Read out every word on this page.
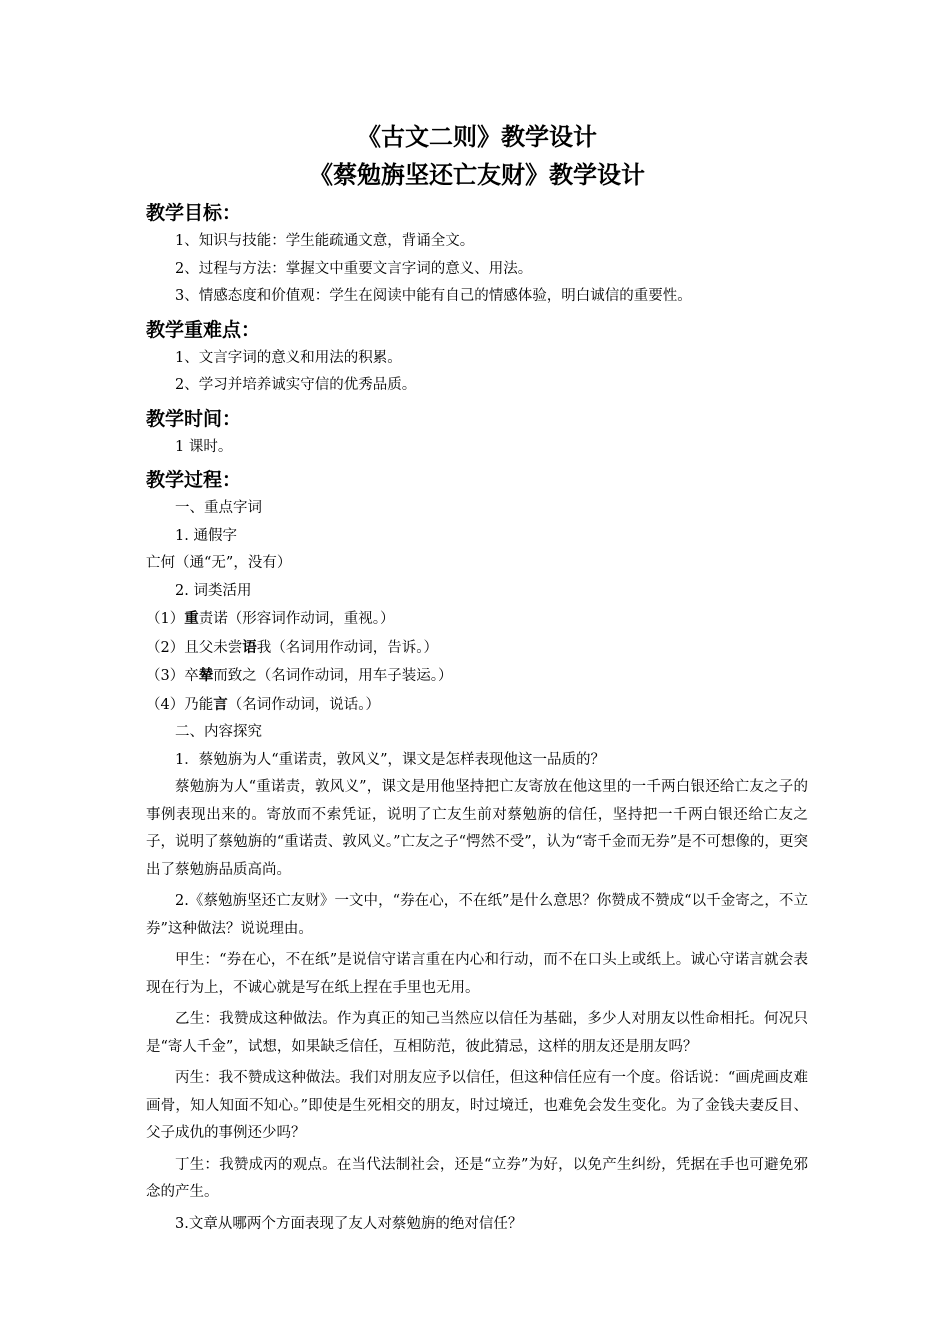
《古文二则》教学设计
《蔡勉旃坚还亡友财》教学设计
教学目标：

1、知识与技能：学生能疏通文意，背诵全文。

2、过程与方法：掌握文中重要文言字词的意义、用法。

3、情感态度和价值观：学生在阅读中能有自己的情感体验，明白诚信的重要性。

教学重难点：

1、文言字词的意义和用法的积累。

2、学习并培养诚实守信的优秀品质。

教学时间：

1 课时。

教学过程：

一、重点字词

1. 通假字

亡何（通“无”，没有）

2. 词类活用

（1）重责诺（形容词作动词，重视。）

（2）且父未尝语我（名词用作动词，告诉。）

（3）卒辇而致之（名词作动词，用车子装运。）

（4）乃能言（名词作动词，说话。）

二、内容探究

1．蔡勉旃为人“重诺责，敦风义”，课文是怎样表现他这一品质的？

蔡勉旃为人“重诺责，敦风义”，课文是用他坚持把亡友寄放在他这里的一千两白银还给亡友之子的事例表现出来的。寄放而不索凭证，说明了亡友生前对蔡勉旃的信任，坚持把一千两白银还给亡友之子，说明了蔡勉旃的“重诺责、敦风义。”亡友之子“愕然不受”，认为“寄千金而无券”是不可想像的，更突出了蔡勉旃品质高尚。

2.《蔡勉旃坚还亡友财》一文中，“券在心，不在纸”是什么意思？你赞成不赞成“以千金寄之，不立券”这种做法？说说理由。

甲生：“券在心，不在纸”是说信守诺言重在内心和行动，而不在口头上或纸上。诚心守诺言就会表现在行为上，不诚心就是写在纸上捏在手里也无用。

乙生：我赞成这种做法。作为真正的知己当然应以信任为基础，多少人对朋友以性命相托。何况只是“寄人千金”，试想，如果缺乏信任，互相防范，彼此猜忌，这样的朋友还是朋友吗？

丙生：我不赞成这种做法。我们对朋友应予以信任，但这种信任应有一个度。俗话说：“画虎画皮难画骨，知人知面不知心。”即使是生死相交的朋友，时过境迁，也难免会发生变化。为了金钱夫妻反目、父子成仇的事例还少吗？

丁生：我赞成丙的观点。在当代法制社会，还是“立券”为好，以免产生纠纷，凭据在手也可避免邪念的产生。

3.文章从哪两个方面表现了友人对蔡勉旃的绝对信任？
